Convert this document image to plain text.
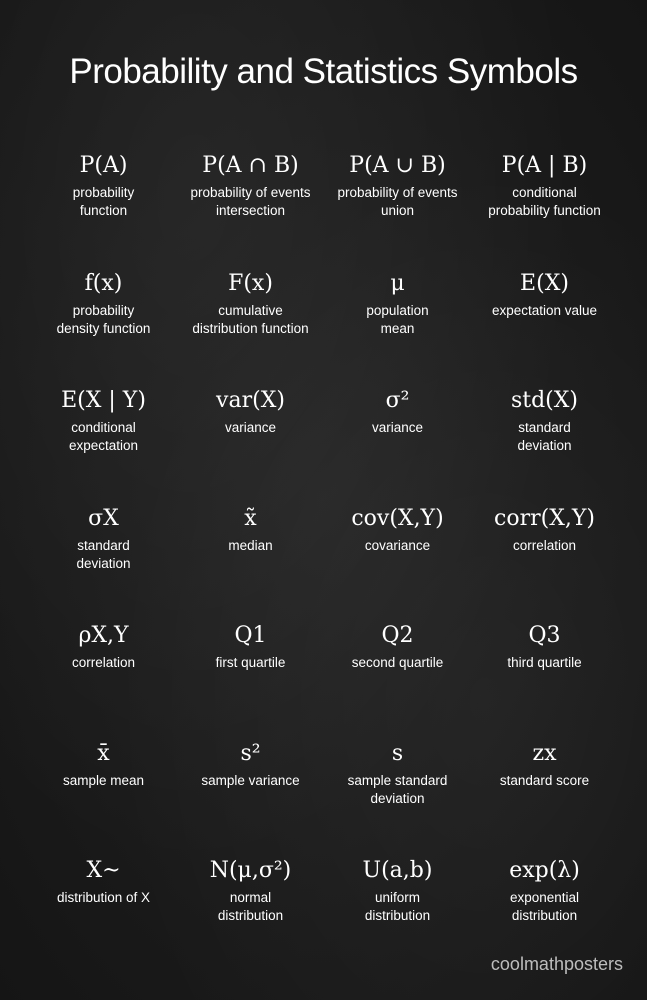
Probability and Statistics Symbols
P(A)
probability
function
P(A ∩ B)
probability of events
intersection
P(A ∪ B)
probability of events
union
P(A | B)
conditional
probability function
f(x)
probability
density function
F(x)
cumulative
distribution function
μ
population
mean
E(X)
expectation value
E(X | Y)
conditional
expectation
var(X)
variance
σ²
variance
std(X)
standard
deviation
σX
standard
deviation
x̃
median
cov(X,Y)
covariance
corr(X,Y)
correlation
ρX,Y
correlation
Q1
first quartile
Q2
second quartile
Q3
third quartile
x̄
sample mean
s²
sample variance
s
sample standard
deviation
zx
standard score
X~
distribution of X
N(μ,σ²)
normal
distribution
U(a,b)
uniform
distribution
exp(λ)
exponential
distribution
coolmathposters
